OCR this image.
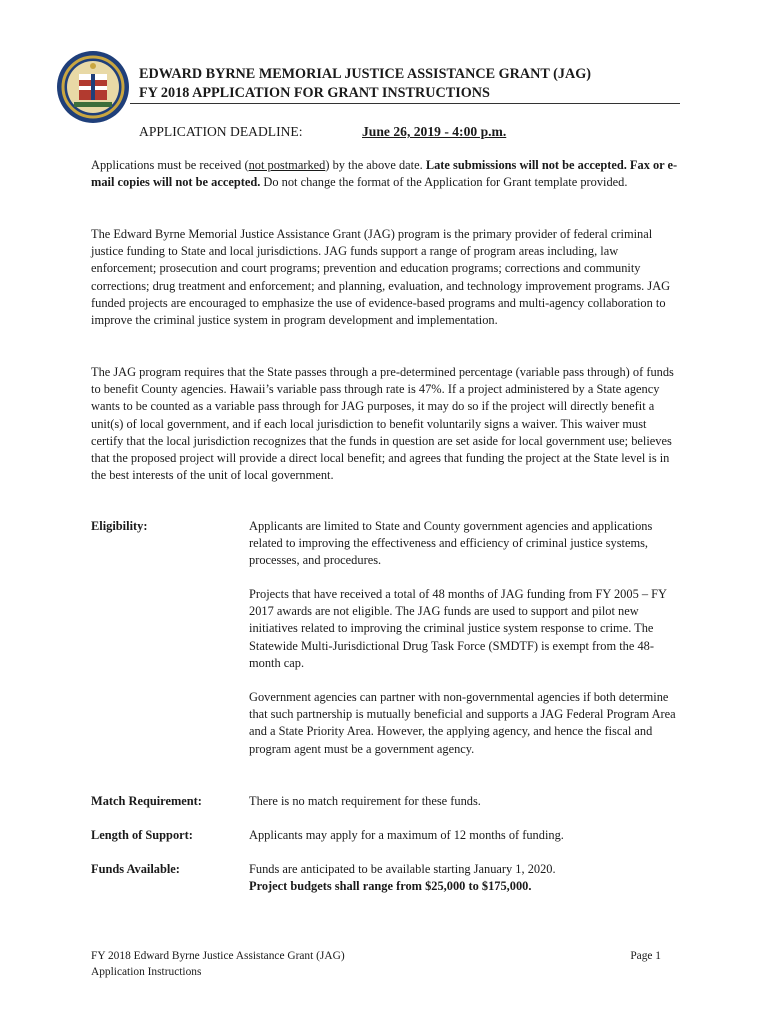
EDWARD BYRNE MEMORIAL JUSTICE ASSISTANCE GRANT (JAG)
FY 2018 APPLICATION FOR GRANT INSTRUCTIONS
APPLICATION DEADLINE:	June 26, 2019 - 4:00 p.m.

Applications must be received (not postmarked) by the above date. Late submissions will not be accepted. Fax or e-mail copies will not be accepted. Do not change the format of the Application for Grant template provided.

The Edward Byrne Memorial Justice Assistance Grant (JAG) program is the primary provider of federal criminal justice funding to State and local jurisdictions. JAG funds support a range of program areas including, law enforcement; prosecution and court programs; prevention and education programs; corrections and community corrections; drug treatment and enforcement; and planning, evaluation, and technology improvement programs. JAG funded projects are encouraged to emphasize the use of evidence-based programs and multi-agency collaboration to improve the criminal justice system in program development and implementation.

The JAG program requires that the State passes through a pre-determined percentage (variable pass through) of funds to benefit County agencies. Hawaii’s variable pass through rate is 47%. If a project administered by a State agency wants to be counted as a variable pass through for JAG purposes, it may do so if the project will directly benefit a unit(s) of local government, and if each local jurisdiction to benefit voluntarily signs a waiver. This waiver must certify that the local jurisdiction recognizes that the funds in question are set aside for local government use; believes that the proposed project will provide a direct local benefit; and agrees that funding the project at the State level is in the best interests of the unit of local government.

Eligibility:	Applicants are limited to State and County government agencies and applications related to improving the effectiveness and efficiency of criminal justice systems, processes, and procedures.

Projects that have received a total of 48 months of JAG funding from FY 2005 – FY 2017 awards are not eligible. The JAG funds are used to support and pilot new initiatives related to improving the criminal justice system response to crime. The Statewide Multi-Jurisdictional Drug Task Force (SMDTF) is exempt from the 48-month cap.

Government agencies can partner with non-governmental agencies if both determine that such partnership is mutually beneficial and supports a JAG Federal Program Area and a State Priority Area. However, the applying agency, and hence the fiscal and program agent must be a government agency.

Match Requirement:	There is no match requirement for these funds.

Length of Support:	Applicants may apply for a maximum of 12 months of funding.

Funds Available:	Funds are anticipated to be available starting January 1, 2020.
Project budgets shall range from $25,000 to $175,000.
FY 2018 Edward Byrne Justice Assistance Grant (JAG)
Application Instructions
Page 1
